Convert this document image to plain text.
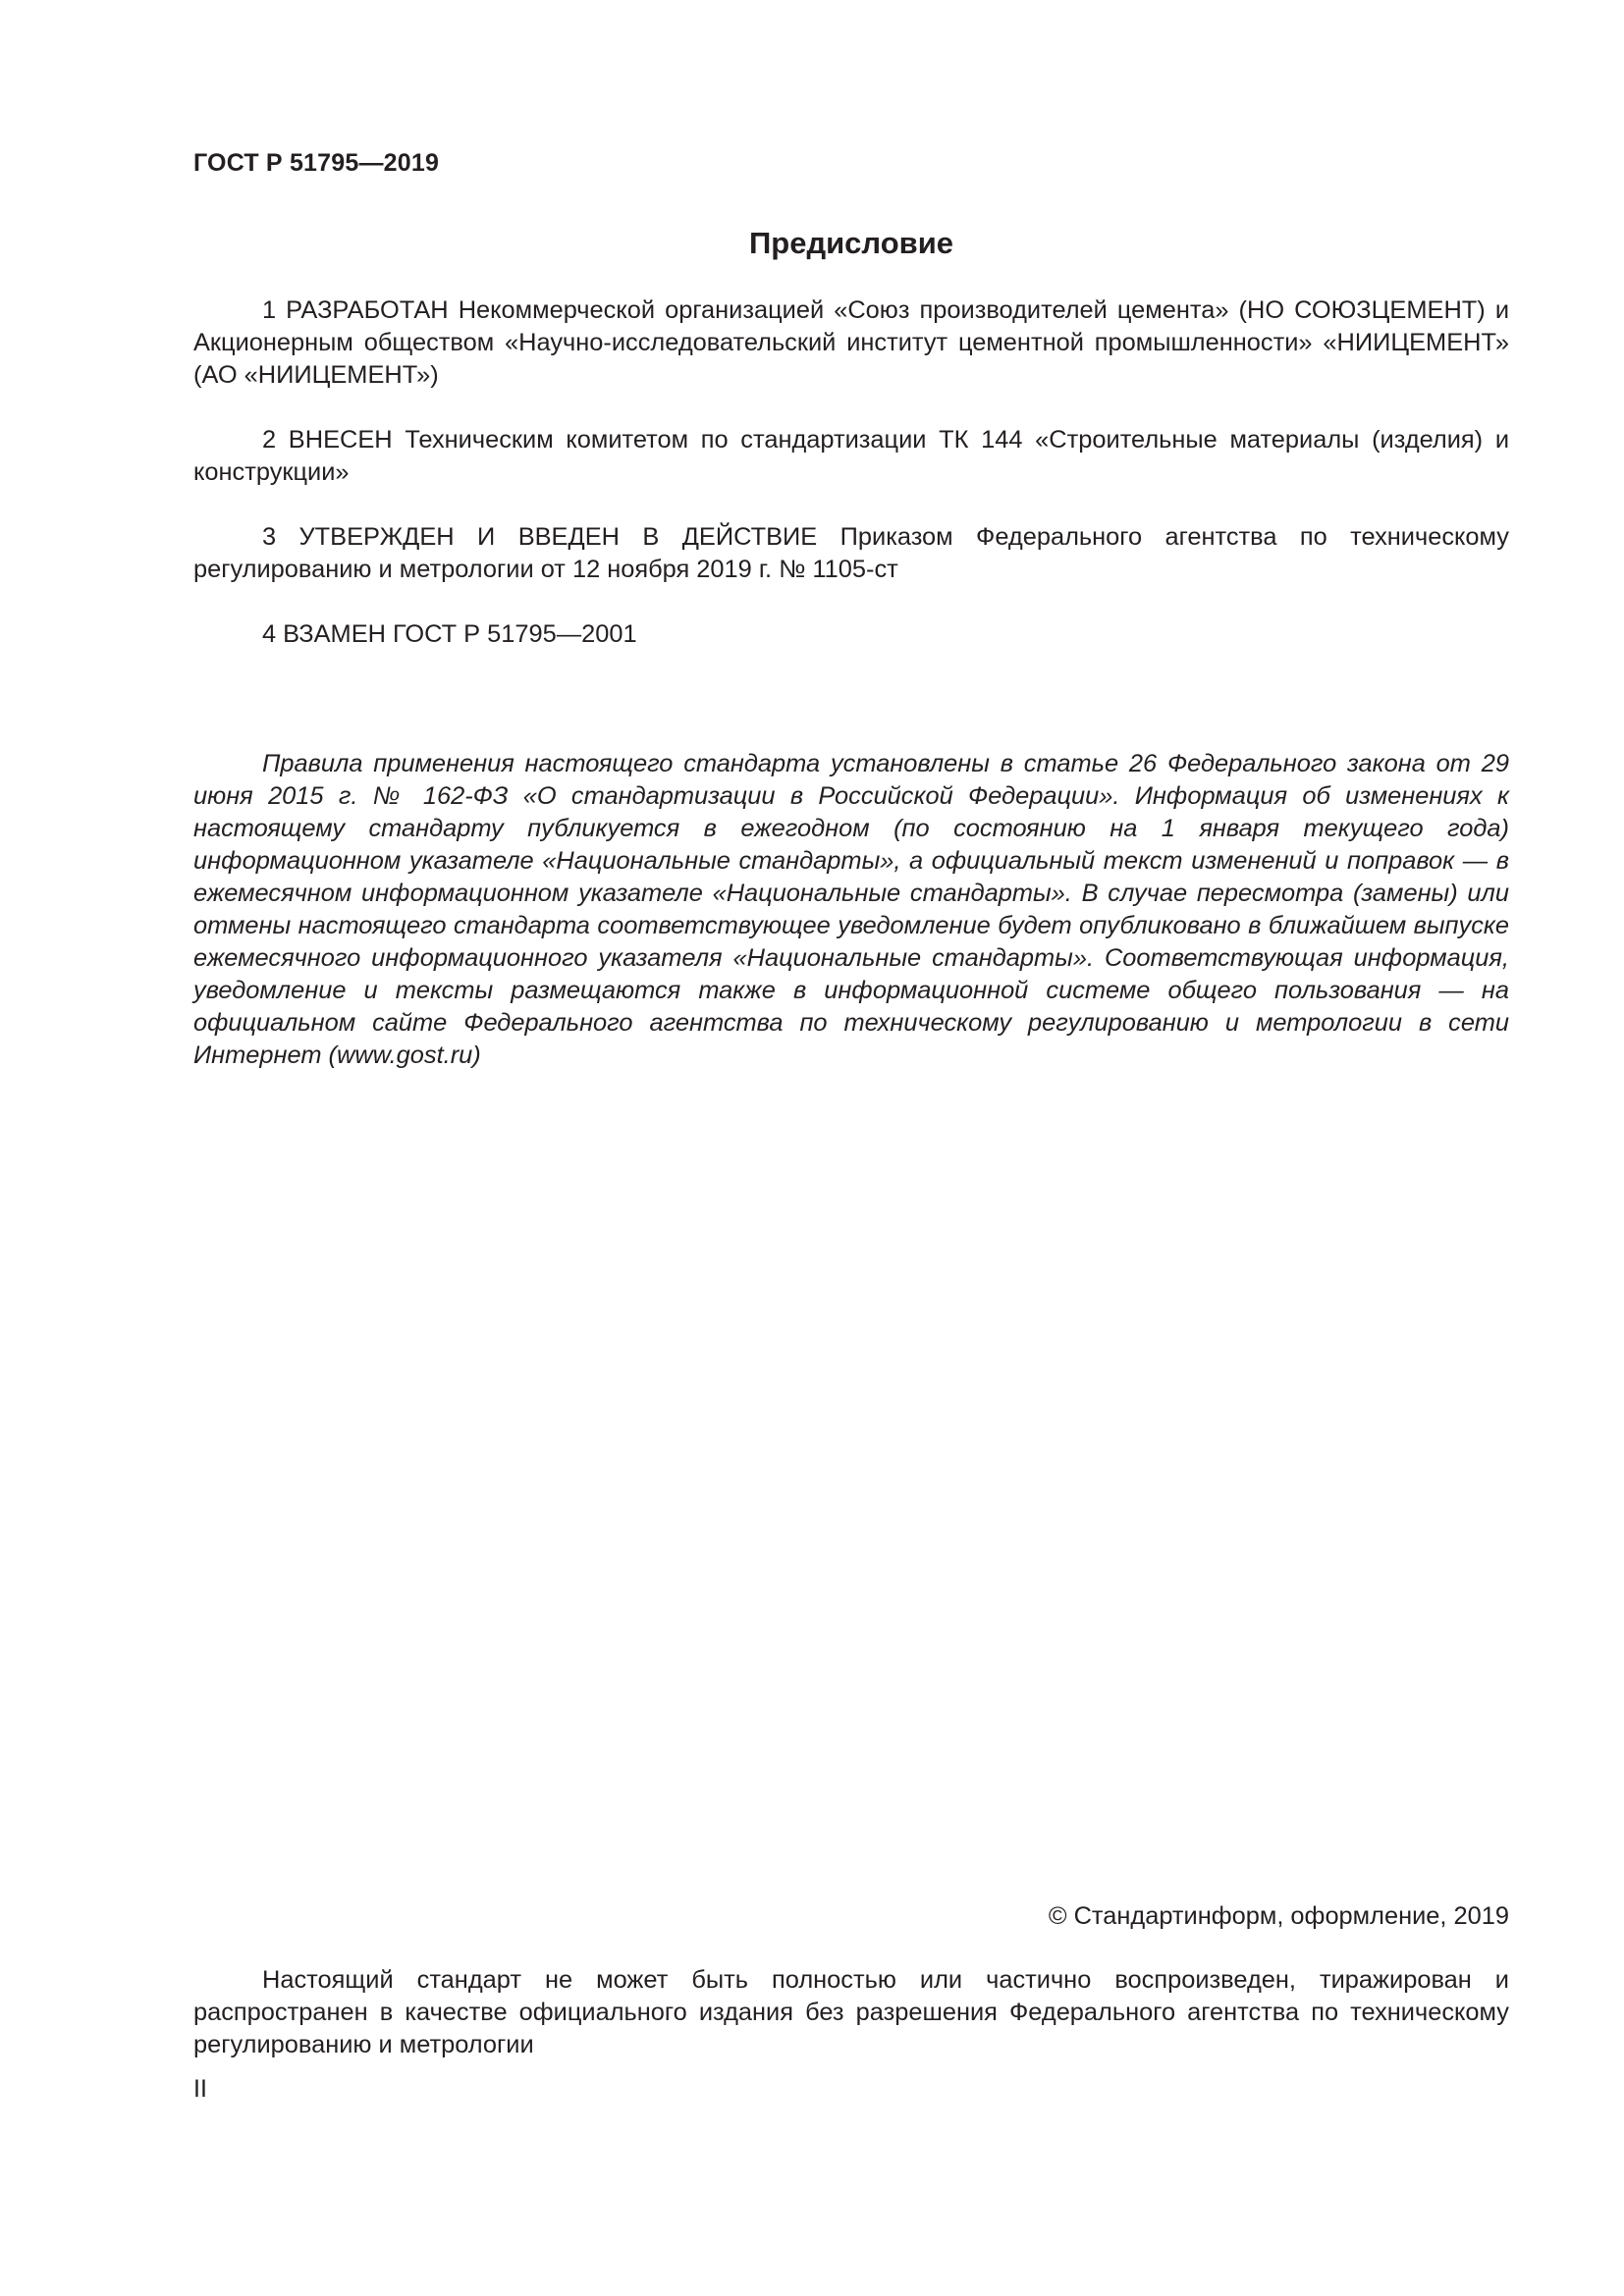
ГОСТ Р 51795—2019
Предисловие

1 РАЗРАБОТАН Некоммерческой организацией «Союз производителей цемента» (НО СОЮЗЦЕМЕНТ) и Акционерным обществом «Научно-исследовательский институт цементной промышленности» «НИИЦЕМЕНТ» (АО «НИИЦЕМЕНТ»)

2 ВНЕСЕН Техническим комитетом по стандартизации ТК 144 «Строительные материалы (изделия) и конструкции»

3 УТВЕРЖДЕН И ВВЕДЕН В ДЕЙСТВИЕ Приказом Федерального агентства по техническому регулированию и метрологии от 12 ноября 2019 г. № 1105-ст

4 ВЗАМЕН ГОСТ Р 51795—2001

Правила применения настоящего стандарта установлены в статье 26 Федерального закона от 29 июня 2015 г. № 162-ФЗ «О стандартизации в Российской Федерации». Информация об изменениях к настоящему стандарту публикуется в ежегодном (по состоянию на 1 января текущего года) информационном указателе «Национальные стандарты», а официальный текст изменений и поправок — в ежемесячном информационном указателе «Национальные стандарты». В случае пересмотра (замены) или отмены настоящего стандарта соответствующее уведомление будет опубликовано в ближайшем выпуске ежемесячного информационного указателя «Национальные стандарты». Соответствующая информация, уведомление и тексты размещаются также в информационной системе общего пользования — на официальном сайте Федерального агентства по техническому регулированию и метрологии в сети Интернет (www.gost.ru)

© Стандартинформ, оформление, 2019

Настоящий стандарт не может быть полностью или частично воспроизведен, тиражирован и распространен в качестве официального издания без разрешения Федерального агентства по техническому регулированию и метрологии

II
